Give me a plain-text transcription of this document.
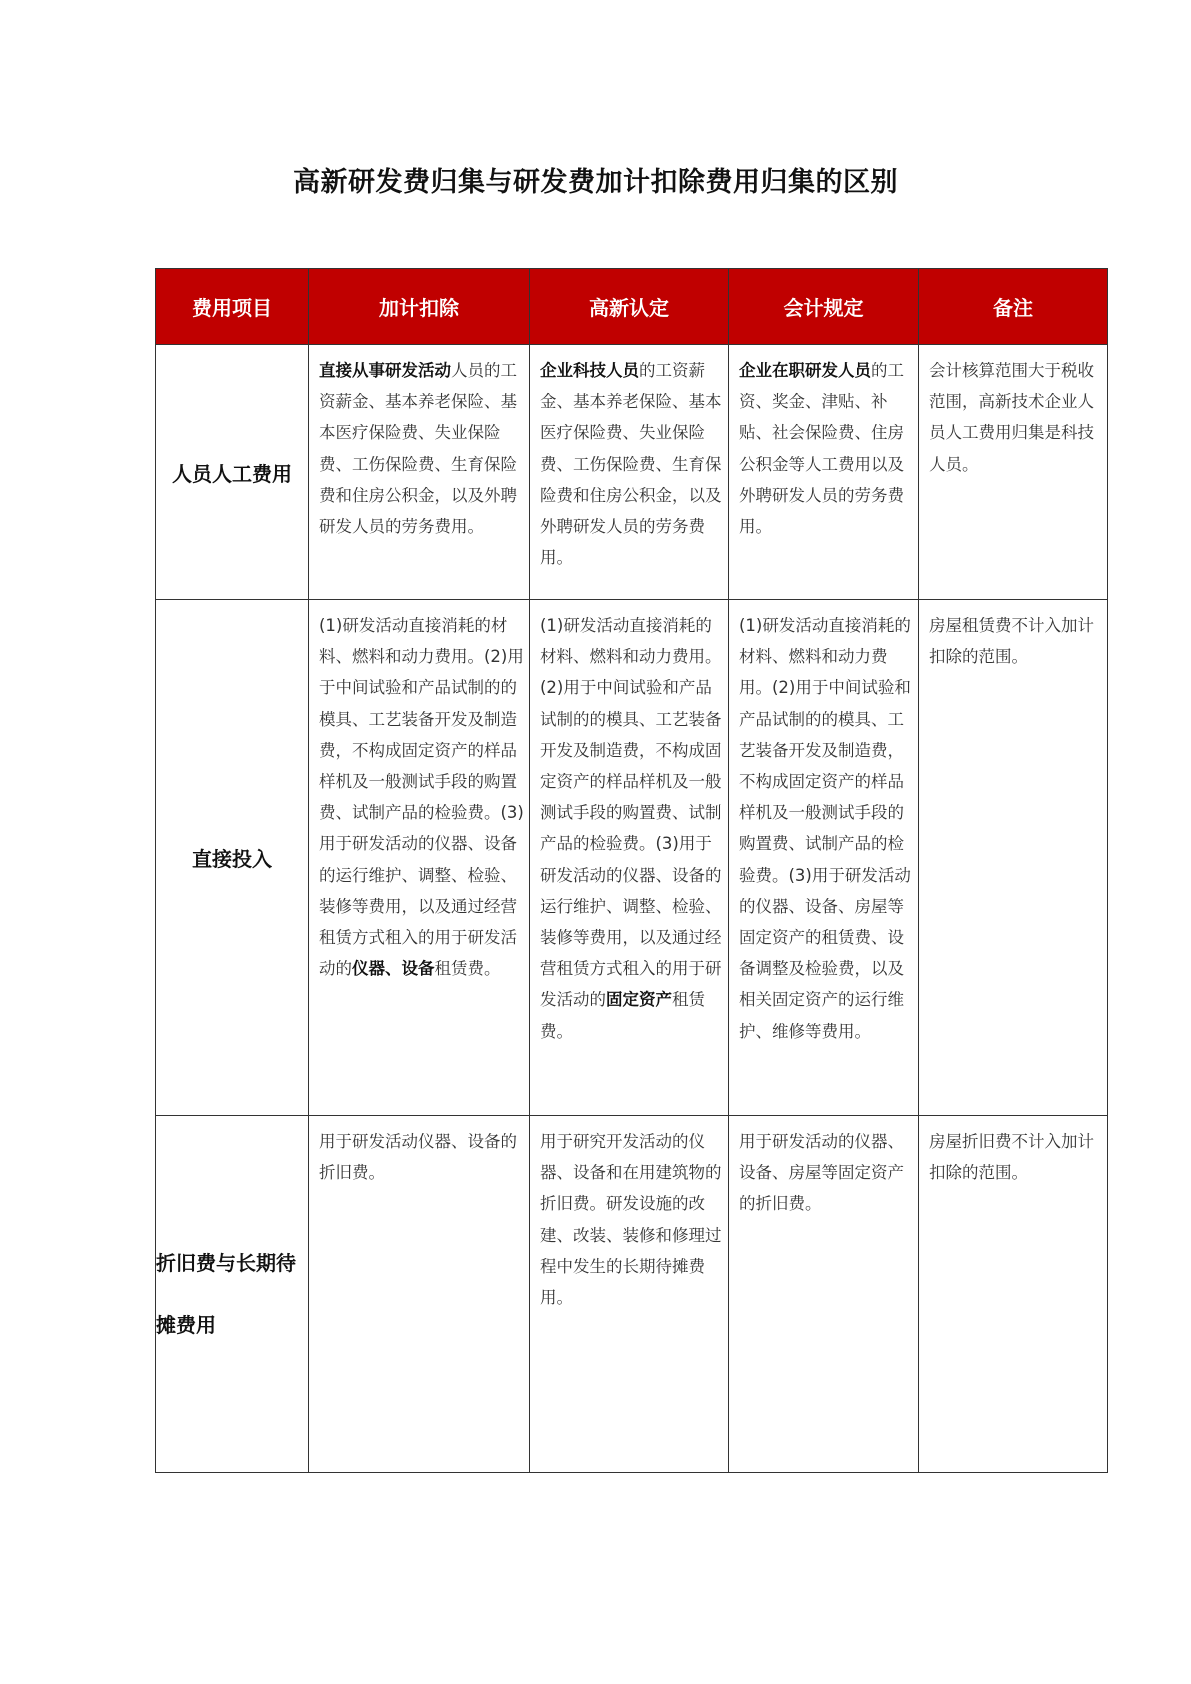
高新研发费归集与研发费加计扣除费用归集的区别
费用项目	加计扣除	高新认定	会计规定	备注
人员人工费用	直接从事研发活动人员的工资薪金、基本养老保险、基本医疗保险费、失业保险费、工伤保险费、生育保险费和住房公积金，以及外聘研发人员的劳务费用。	企业科技人员的工资薪金、基本养老保险、基本医疗保险费、失业保险费、工伤保险费、生育保险费和住房公积金，以及外聘研发人员的劳务费用。	企业在职研发人员的工资、奖金、津贴、补贴、社会保险费、住房公积金等人工费用以及外聘研发人员的劳务费用。	会计核算范围大于税收范围，高新技术企业人员人工费用归集是科技人员。

直接投入	(1)研发活动直接消耗的材料、燃料和动力费用。(2)用于中间试验和产品试制的的模具、工艺装备开发及制造费，不构成固定资产的样品样机及一般测试手段的购置费、试制产品的检验费。(3)用于研发活动的仪器、设备的运行维护、调整、检验、装修等费用，以及通过经营租赁方式租入的用于研发活动的仪器、设备租赁费。	(1)研发活动直接消耗的材料、燃料和动力费用。(2)用于中间试验和产品试制的的模具、工艺装备开发及制造费，不构成固定资产的样品样机及一般测试手段的购置费、试制产品的检验费。(3)用于研发活动的仪器、设备的运行维护、调整、检验、装修等费用，以及通过经营租赁方式租入的用于研发活动的固定资产租赁费。	(1)研发活动直接消耗的材料、燃料和动力费用。(2)用于中间试验和产品试制的的模具、工艺装备开发及制造费，不构成固定资产的样品样机及一般测试手段的购置费、试制产品的检验费。(3)用于研发活动的仪器、设备、房屋等固定资产的租赁费、设备调整及检验费，以及相关固定资产的运行维护、维修等费用。	房屋租赁费不计入加计扣除的范围。

折旧费与长期待摊费用	用于研发活动仪器、设备的折旧费。	用于研究开发活动的仪器、设备和在用建筑物的折旧费。研发设施的改建、改装、装修和修理过程中发生的长期待摊费用。	用于研发活动的仪器、设备、房屋等固定资产的折旧费。	房屋折旧费不计入加计扣除的范围。
